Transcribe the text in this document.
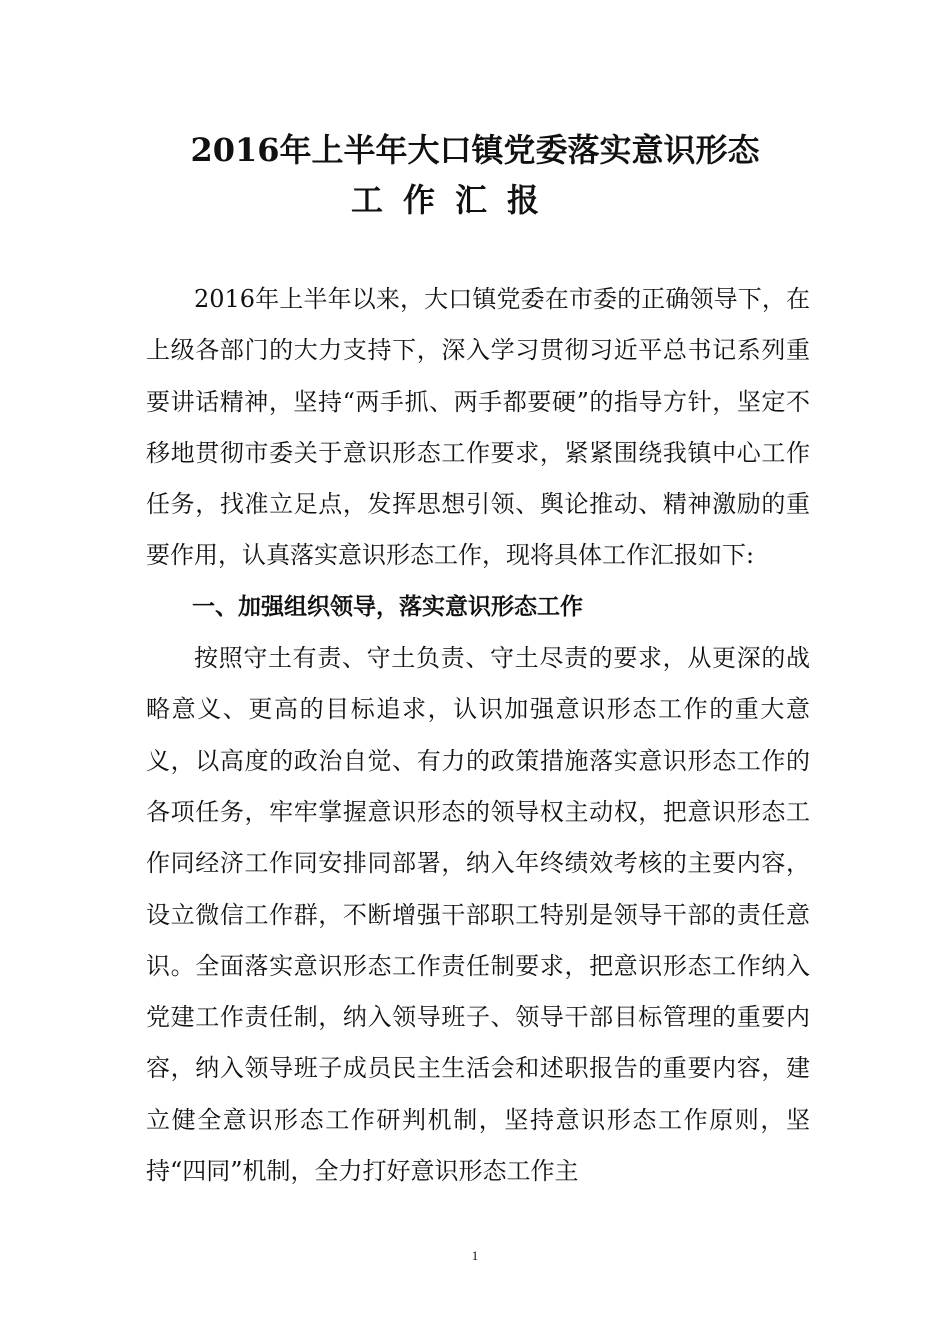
2016年上半年大口镇党委落实意识形态
工作汇报

2016年上半年以来，大口镇党委在市委的正确领导下，在上级各部门的大力支持下，深入学习贯彻习近平总书记系列重要讲话精神，坚持“两手抓、两手都要硬”的指导方针，坚定不移地贯彻市委关于意识形态工作要求，紧紧围绕我镇中心工作任务，找准立足点，发挥思想引领、舆论推动、精神激励的重要作用，认真落实意识形态工作，现将具体工作汇报如下:

一、加强组织领导，落实意识形态工作

按照守土有责、守土负责、守土尽责的要求，从更深的战略意义、更高的目标追求，认识加强意识形态工作的重大意义，以高度的政治自觉、有力的政策措施落实意识形态工作的各项任务，牢牢掌握意识形态的领导权主动权，把意识形态工作同经济工作同安排同部署，纳入年终绩效考核的主要内容，设立微信工作群，不断增强干部职工特别是领导干部的责任意识。全面落实意识形态工作责任制要求，把意识形态工作纳入党建工作责任制，纳入领导班子、领导干部目标管理的重要内容，纳入领导班子成员民主生活会和述职报告的重要内容，建立健全意识形态工作研判机制，坚持意识形态工作原则，坚持“四同”机制，全力打好意识形态工作主

1
